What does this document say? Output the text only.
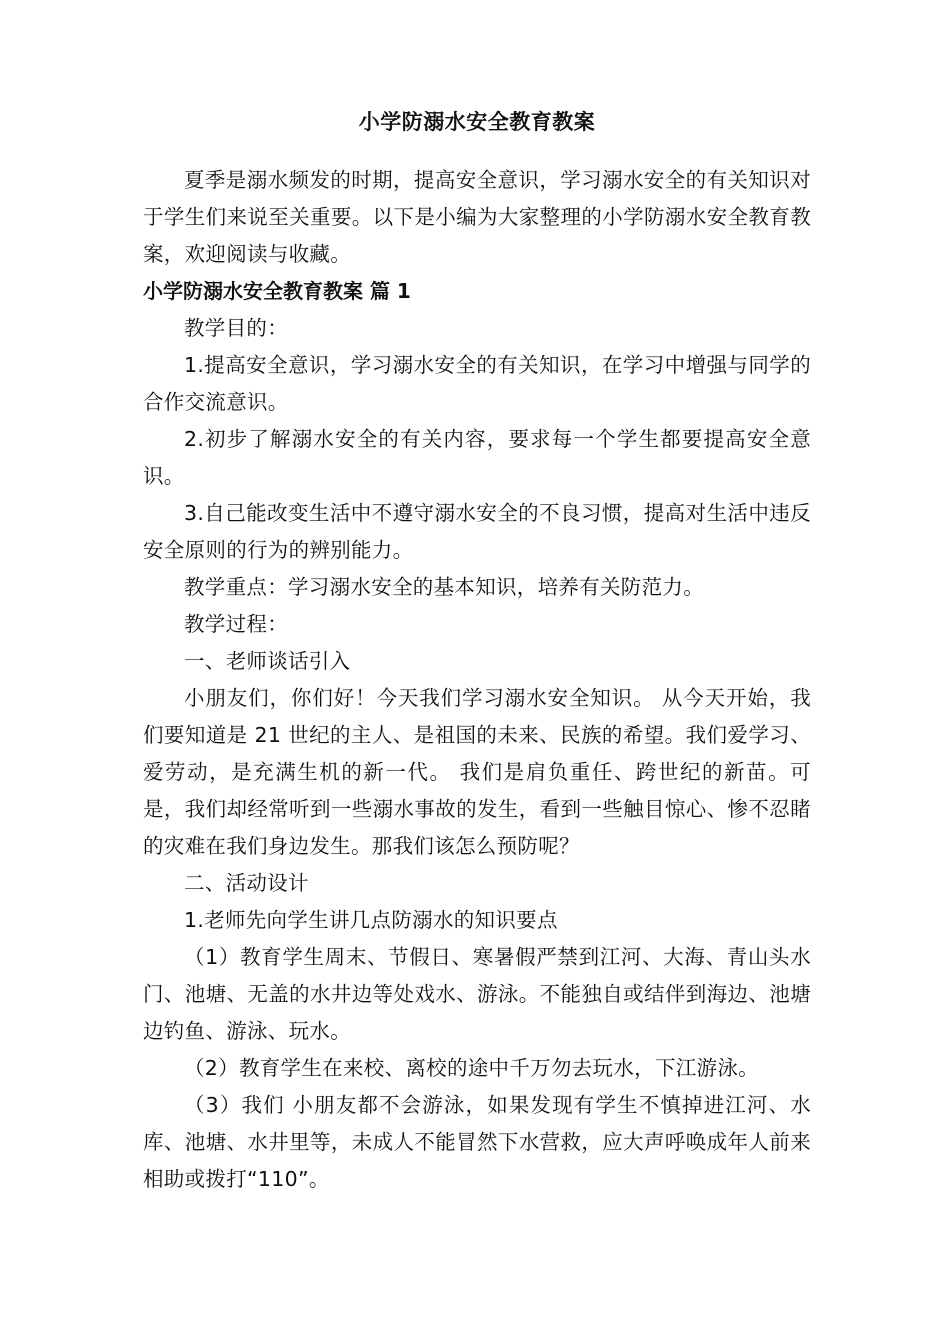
小学防溺水安全教育教案

夏季是溺水频发的时期，提高安全意识，学习溺水安全的有关知识对于学生们来说至关重要。以下是小编为大家整理的小学防溺水安全教育教案，欢迎阅读与收藏。

小学防溺水安全教育教案 篇 1

教学目的：

1.提高安全意识，学习溺水安全的有关知识，在学习中增强与同学的合作交流意识。

2.初步了解溺水安全的有关内容，要求每一个学生都要提高安全意识。

3.自己能改变生活中不遵守溺水安全的不良习惯，提高对生活中违反安全原则的行为的辨别能力。

教学重点：学习溺水安全的基本知识，培养有关防范力。

教学过程：

一、老师谈话引入

小朋友们，你们好！今天我们学习溺水安全知识。 从今天开始，我们要知道是 21 世纪的主人、是祖国的未来、民族的希望。我们爱学习、爱劳动，是充满生机的新一代。 我们是肩负重任、跨世纪的新苗。可是，我们却经常听到一些溺水事故的发生，看到一些触目惊心、惨不忍睹的灾难在我们身边发生。那我们该怎么预防呢？

二、活动设计

1.老师先向学生讲几点防溺水的知识要点

（1）教育学生周末、节假日、寒暑假严禁到江河、大海、青山头水门、池塘、无盖的水井边等处戏水、游泳。不能独自或结伴到海边、池塘边钓鱼、游泳、玩水。

（2）教育学生在来校、离校的途中千万勿去玩水，下江游泳。

（3）我们 小朋友都不会游泳，如果发现有学生不慎掉进江河、水库、池塘、水井里等，未成人不能冒然下水营救，应大声呼唤成年人前来相助或拨打“110”。
